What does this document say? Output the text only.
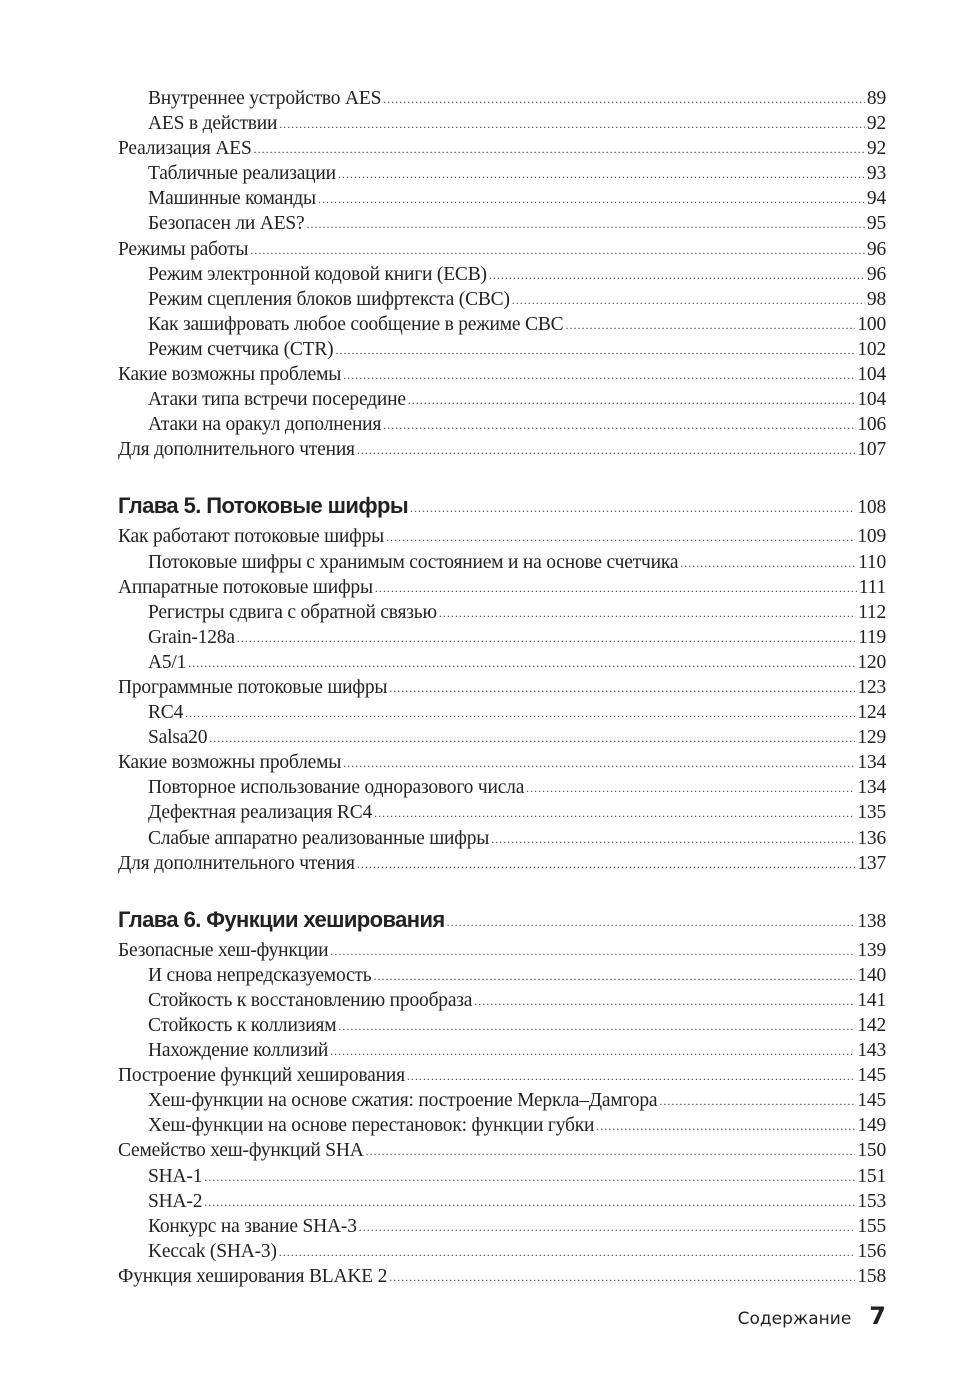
Внутреннее устройство AES .....	89
AES в действии .....	92
Реализация AES .....	92
Табличные реализации .....	93
Машинные команды .....	94
Безопасен ли AES? .....	95
Режимы работы .....	96
Режим электронной кодовой книги (ECB) .....	96
Режим сцепления блоков шифртекста (CBC) .....	98
Как зашифровать любое сообщение в режиме CBC .....	100
Режим счетчика (CTR) .....	102
Какие возможны проблемы .....	104
Атаки типа встречи посередине .....	104
Атаки на оракул дополнения .....	106
Для дополнительного чтения .....	107
Глава 5. Потоковые шифры .....	108
Как работают потоковые шифры .....	109
Потоковые шифры с хранимым состоянием и на основе счетчика .....	110
Аппаратные потоковые шифры .....	111
Регистры сдвига с обратной связью .....	112
Grain-128a .....	119
A5/1 .....	120
Программные потоковые шифры .....	123
RC4 .....	124
Salsa20 .....	129
Какие возможны проблемы .....	134
Повторное использование одноразового числа .....	134
Дефектная реализация RC4 .....	135
Слабые аппаратно реализованные шифры .....	136
Для дополнительного чтения .....	137
Глава 6. Функции хеширования .....	138
Безопасные хеш-функции .....	139
И снова непредсказуемость .....	140
Стойкость к восстановлению прообраза .....	141
Стойкость к коллизиям .....	142
Нахождение коллизий .....	143
Построение функций хеширования .....	145
Хеш-функции на основе сжатия: построение Меркла–Дамгора .....	145
Хеш-функции на основе перестановок: функции губки .....	149
Семейство хеш-функций SHA .....	150
SHA-1 .....	151
SHA-2 .....	153
Конкурс на звание SHA-3 .....	155
Keccak (SHA-3) .....	156
Функция хеширования BLAKE 2 .....	158
Содержание 7
